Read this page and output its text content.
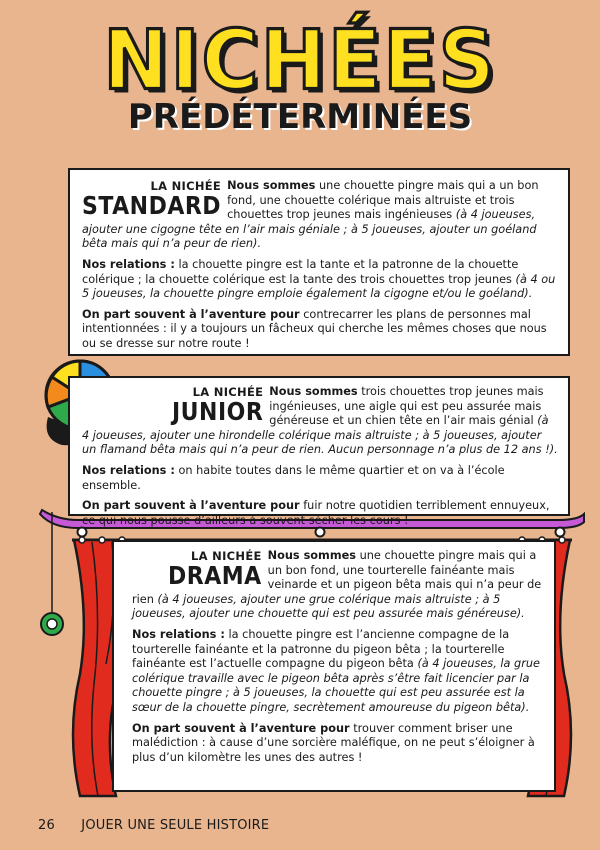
NICHÉES
PRÉDÉTERMINÉES
LA NICHÉE
STANDARD

Nous sommes une chouette pingre mais qui a un bon fond, une chouette colérique mais altruiste et trois chouettes trop jeunes mais ingénieuses (à 4 joueuses, ajouter une cigogne tête en l’air mais géniale ; à 5 joueuses, ajouter un goéland bêta mais qui n’a peur de rien).

Nos relations : la chouette pingre est la tante et la patronne de la chouette colérique ; la chouette colérique est la tante des trois chouettes trop jeunes (à 4 ou 5 joueuses, la chouette pingre emploie également la cigogne et/ou le goéland).

On part souvent à l’aventure pour contrecarrer les plans de personnes mal intentionnées : il y a toujours un fâcheux qui cherche les mêmes choses que nous ou se dresse sur notre route !

LA NICHÉE
JUNIOR

Nous sommes trois chouettes trop jeunes mais ingénieuses, une aigle qui est peu assurée mais généreuse et un chien tête en l’air mais génial (à 4 joueuses, ajouter une hirondelle colérique mais altruiste ; à 5 joueuses, ajouter un flamand bêta mais qui n’a peur de rien. Aucun personnage n’a plus de 12 ans !).

Nos relations : on habite toutes dans le même quartier et on va à l’école ensemble.

On part souvent à l’aventure pour fuir notre quotidien terriblement ennuyeux, ce qui nous pousse d’ailleurs à souvent sécher les cours !

LA NICHÉE
DRAMA

Nous sommes une chouette pingre mais qui a un bon fond, une tourterelle fainéante mais veinarde et un pigeon bêta mais qui n’a peur de rien (à 4 joueuses, ajouter une grue colérique mais altruiste ; à 5 joueuses, ajouter une chouette qui est peu assurée mais généreuse).

Nos relations : la chouette pingre est l’ancienne compagne de la tourterelle fainéante et la patronne du pigeon bêta ; la tourterelle fainéante est l’actuelle compagne du pigeon bêta (à 4 joueuses, la grue colérique travaille avec le pigeon bêta après s’être fait licencier par la chouette pingre ; à 5 joueuses, la chouette qui est peu assurée est la sœur de la chouette pingre, secrètement amoureuse du pigeon bêta).

On part souvent à l’aventure pour trouver comment briser une malédiction : à cause d’une sorcière maléfique, on ne peut s’éloigner à plus d’un kilomètre les unes des autres !

26 JOUER UNE SEULE HISTOIRE
